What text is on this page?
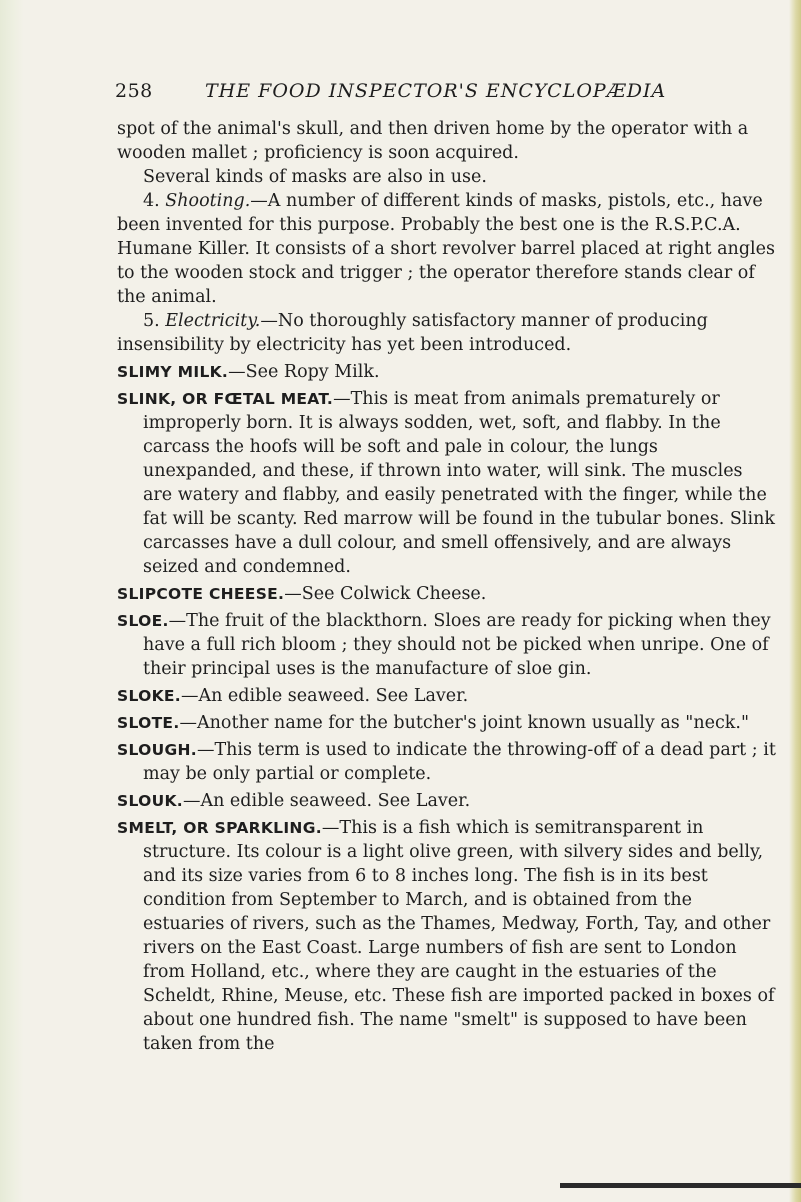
258	THE FOOD INSPECTOR'S ENCYCLOPÆDIA

spot of the animal's skull, and then driven home by the operator with a wooden mallet ; proficiency is soon acquired.

Several kinds of masks are also in use.

4. Shooting.—A number of different kinds of masks, pistols, etc., have been invented for this purpose. Probably the best one is the R.S.P.C.A. Humane Killer. It consists of a short revolver barrel placed at right angles to the wooden stock and trigger ; the operator therefore stands clear of the animal.

5. Electricity.—No thoroughly satisfactory manner of producing insensibility by electricity has yet been introduced.

SLIMY MILK.—See Ropy Milk.

SLINK, OR FŒTAL MEAT.—This is meat from animals prematurely or improperly born. It is always sodden, wet, soft, and flabby. In the carcass the hoofs will be soft and pale in colour, the lungs unexpanded, and these, if thrown into water, will sink. The muscles are watery and flabby, and easily penetrated with the finger, while the fat will be scanty. Red marrow will be found in the tubular bones. Slink carcasses have a dull colour, and smell offensively, and are always seized and condemned.

SLIPCOTE CHEESE.—See Colwick Cheese.

SLOE.—The fruit of the blackthorn. Sloes are ready for picking when they have a full rich bloom ; they should not be picked when unripe. One of their principal uses is the manufacture of sloe gin.

SLOKE.—An edible seaweed. See Laver.

SLOTE.—Another name for the butcher's joint known usually as "neck."

SLOUGH.—This term is used to indicate the throwing-off of a dead part ; it may be only partial or complete.

SLOUK.—An edible seaweed. See Laver.

SMELT, OR SPARKLING.—This is a fish which is semitransparent in structure. Its colour is a light olive green, with silvery sides and belly, and its size varies from 6 to 8 inches long. The fish is in its best condition from September to March, and is obtained from the estuaries of rivers, such as the Thames, Medway, Forth, Tay, and other rivers on the East Coast. Large numbers of fish are sent to London from Holland, etc., where they are caught in the estuaries of the Scheldt, Rhine, Meuse, etc. These fish are imported packed in boxes of about one hundred fish. The name "smelt" is supposed to have been taken from the
